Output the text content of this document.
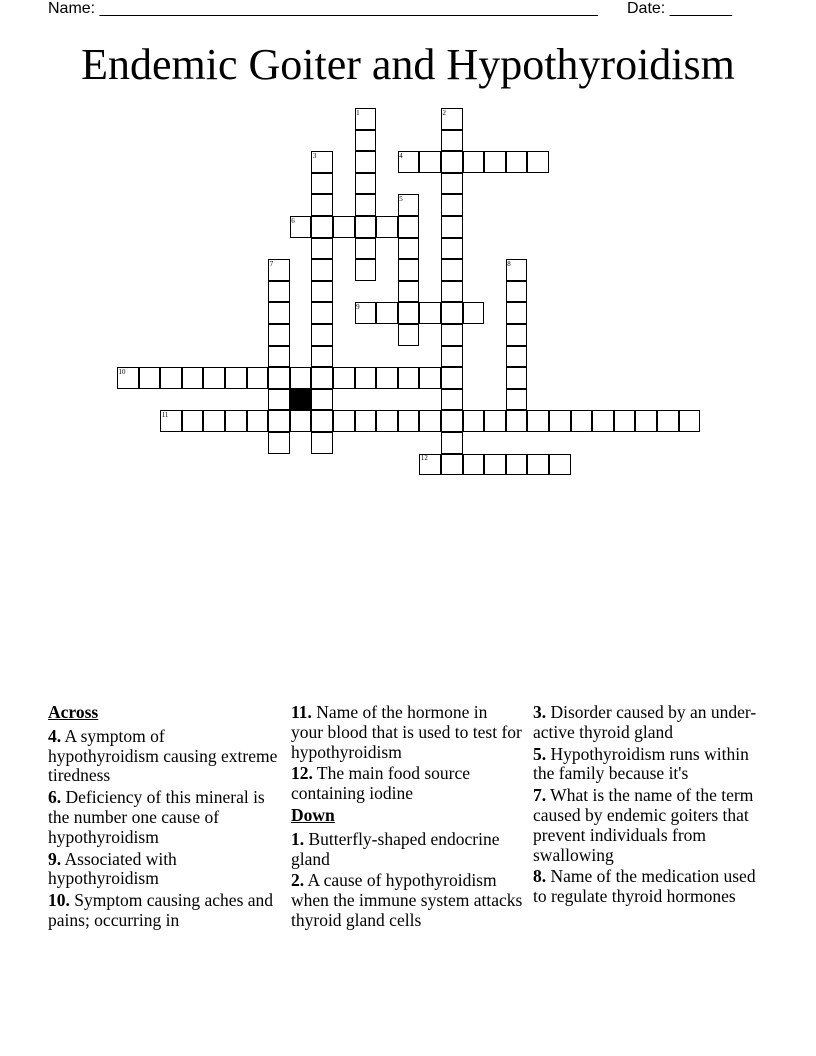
Name: ________________________________________________________ Date: _______
Endemic Goiter and Hypothyroidism
1	2
3	4
5
6
7	8
9
10
11
12
Across
4. A symptom of hypothyroidism causing extreme tiredness
6. Deficiency of this mineral is the number one cause of hypothyroidism
9. Associated with hypothyroidism
10. Symptom causing aches and pains; occurring in
11. Name of the hormone in your blood that is used to test for hypothyroidism
12. The main food source containing iodine
Down
1. Butterfly-shaped endocrine gland
2. A cause of hypothyroidism when the immune system attacks thyroid gland cells
3. Disorder caused by an under-active thyroid gland
5. Hypothyroidism runs within the family because it's
7. What is the name of the term caused by endemic goiters that prevent individuals from swallowing
8. Name of the medication used to regulate thyroid hormones
